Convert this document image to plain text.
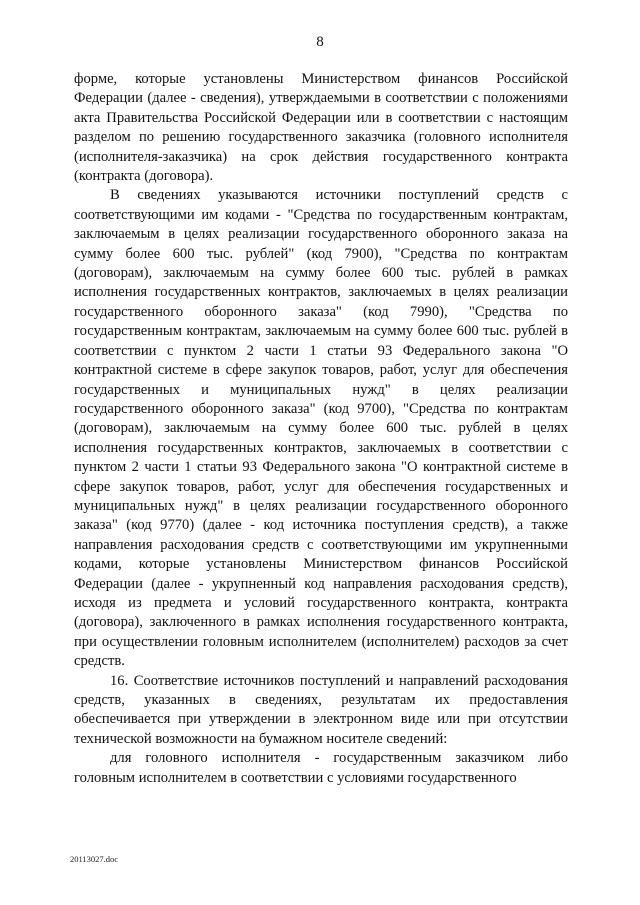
8

форме, которые установлены Министерством финансов Российской Федерации (далее - сведения), утверждаемыми в соответствии с положениями акта Правительства Российской Федерации или в соответствии с настоящим разделом по решению государственного заказчика (головного исполнителя (исполнителя-заказчика) на срок действия государственного контракта (контракта (договора).

В сведениях указываются источники поступлений средств с соответствующими им кодами - "Средства по государственным контрактам, заключаемым в целях реализации государственного оборонного заказа на сумму более 600 тыс. рублей" (код 7900), "Средства по контрактам (договорам), заключаемым на сумму более 600 тыс. рублей в рамках исполнения государственных контрактов, заключаемых в целях реализации государственного оборонного заказа" (код 7990), "Средства по государственным контрактам, заключаемым на сумму более 600 тыс. рублей в соответствии с пунктом 2 части 1 статьи 93 Федерального закона "О контрактной системе в сфере закупок товаров, работ, услуг для обеспечения государственных и муниципальных нужд" в целях реализации государственного оборонного заказа" (код 9700), "Средства по контрактам (договорам), заключаемым на сумму более 600 тыс. рублей в целях исполнения государственных контрактов, заключаемых в соответствии с пунктом 2 части 1 статьи 93 Федерального закона "О контрактной системе в сфере закупок товаров, работ, услуг для обеспечения государственных и муниципальных нужд" в целях реализации государственного оборонного заказа" (код 9770) (далее - код источника поступления средств), а также направления расходования средств с соответствующими им укрупненными кодами, которые установлены Министерством финансов Российской Федерации (далее - укрупненный код направления расходования средств), исходя из предмета и условий государственного контракта, контракта (договора), заключенного в рамках исполнения государственного контракта, при осуществлении головным исполнителем (исполнителем) расходов за счет средств.

16. Соответствие источников поступлений и направлений расходования средств, указанных в сведениях, результатам их предоставления обеспечивается при утверждении в электронном виде или при отсутствии технической возможности на бумажном носителе сведений:

для головного исполнителя - государственным заказчиком либо головным исполнителем в соответствии с условиями государственного

20113027.doc
